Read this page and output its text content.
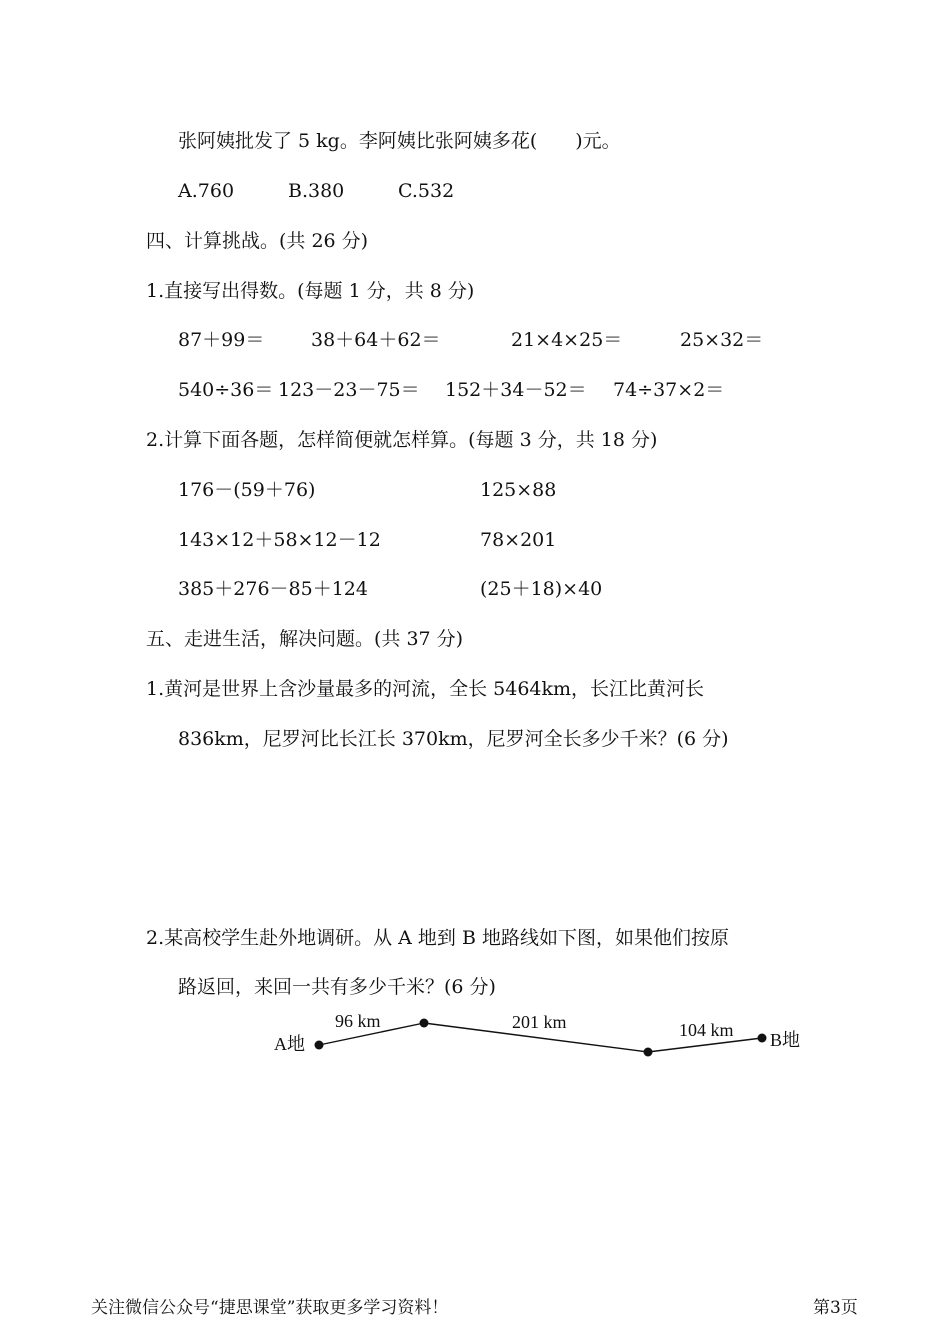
张阿姨批发了 5 kg。李阿姨比张阿姨多花(　　)元。
A.760	B.380	C.532
四、计算挑战。(共 26 分)
1.直接写出得数。(每题 1 分，共 8 分)
87＋99＝ 38＋64＋62＝	21×4×25＝	25×32＝
540÷36＝ 123－23－75＝ 152＋34－52＝ 74÷37×2＝
2.计算下面各题，怎样简便就怎样算。(每题 3 分，共 18 分)
176－(59＋76)	125×88
143×12＋58×12－12	78×201
385＋276－85＋124	(25＋18)×40
五、走进生活，解决问题。(共 37 分)
1.黄河是世界上含沙量最多的河流，全长 5464km，长江比黄河长
836km，尼罗河比长江长 370km，尼罗河全长多少千米？(6 分)
2.某高校学生赴外地调研。从 A 地到 B 地路线如下图，如果他们按原
路返回，来回一共有多少千米？(6 分)
A地	B地
96 km	201 km	104 km
关注微信公众号“捷思课堂”获取更多学习资料！	第3页
